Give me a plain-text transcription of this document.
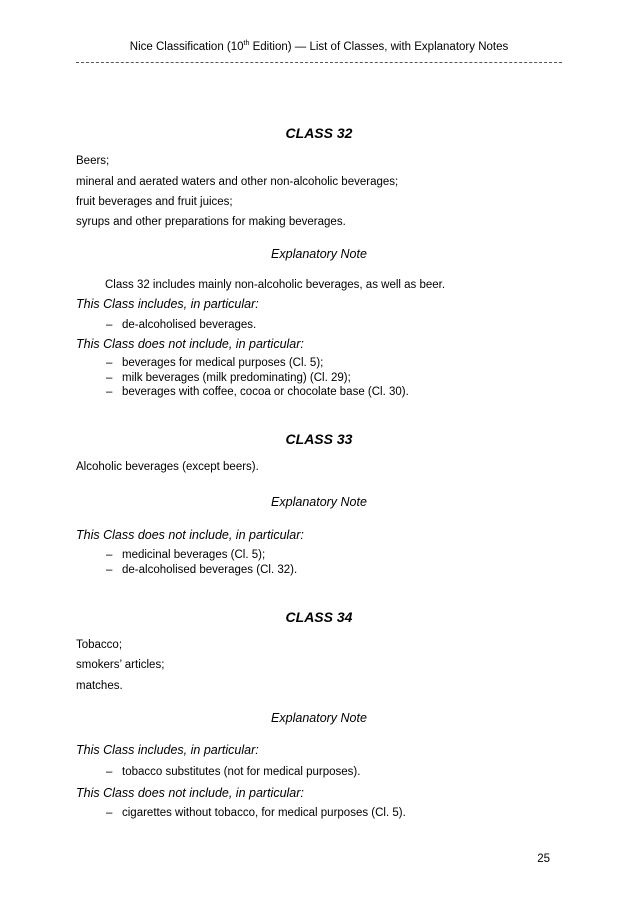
Nice Classification (10th Edition) — List of Classes, with Explanatory Notes
CLASS 32
Beers;
mineral and aerated waters and other non-alcoholic beverages;
fruit beverages and fruit juices;
syrups and other preparations for making beverages.
Explanatory Note
Class 32 includes mainly non-alcoholic beverages, as well as beer.
This Class includes, in particular:
– de-alcoholised beverages.
This Class does not include, in particular:
– beverages for medical purposes (Cl. 5);
– milk beverages (milk predominating) (Cl. 29);
– beverages with coffee, cocoa or chocolate base (Cl. 30).
CLASS 33
Alcoholic beverages (except beers).
Explanatory Note
This Class does not include, in particular:
– medicinal beverages (Cl. 5);
– de-alcoholised beverages (Cl. 32).
CLASS 34
Tobacco;
smokers’ articles;
matches.
Explanatory Note
This Class includes, in particular:
– tobacco substitutes (not for medical purposes).
This Class does not include, in particular:
– cigarettes without tobacco, for medical purposes (Cl. 5).
25
